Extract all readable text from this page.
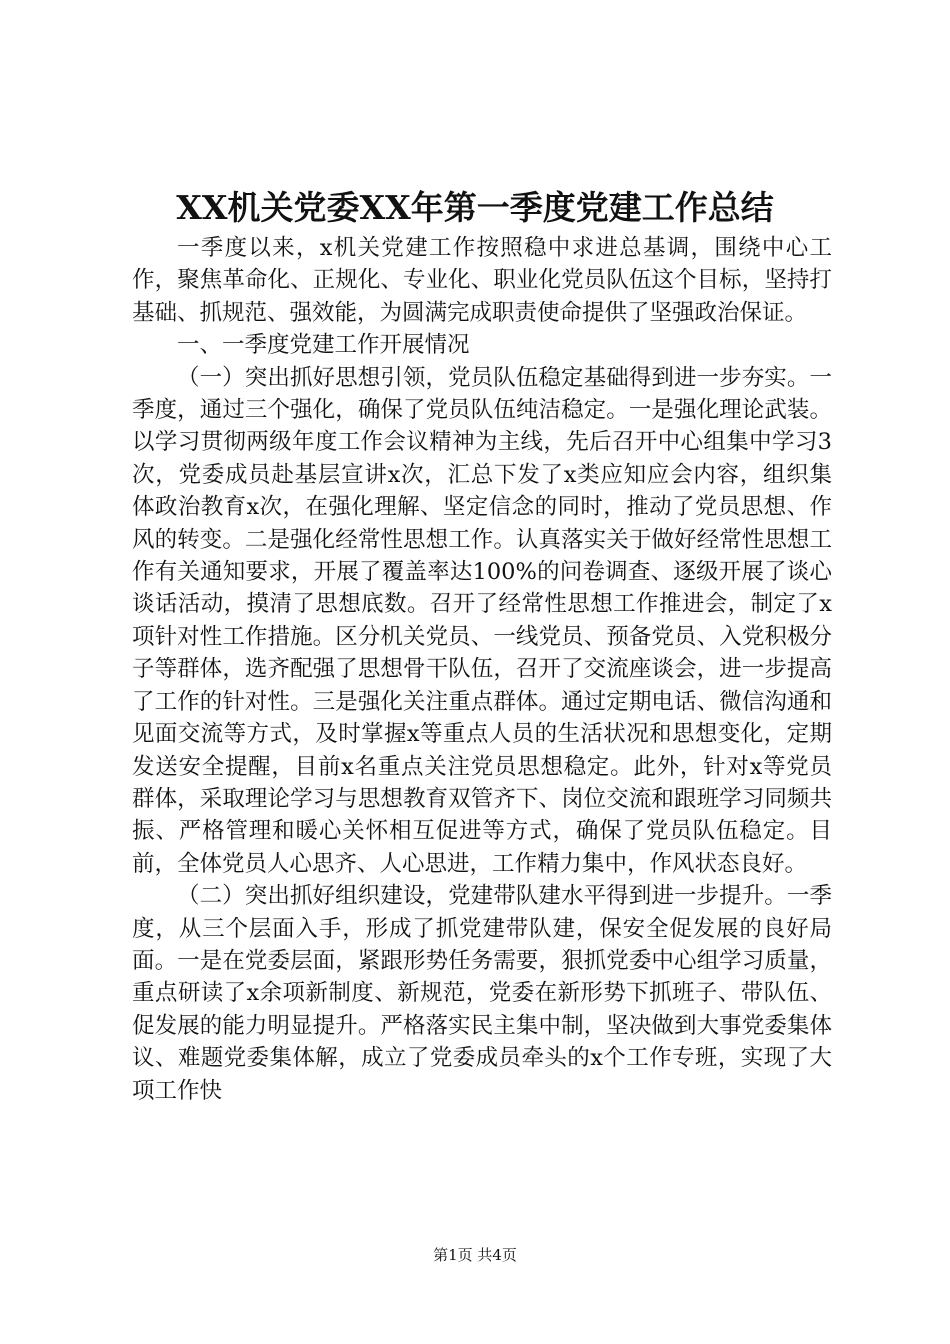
XX机关党委XX年第一季度党建工作总结

一季度以来，x机关党建工作按照稳中求进总基调，围绕中心工作，聚焦革命化、正规化、专业化、职业化党员队伍这个目标，坚持打基础、抓规范、强效能，为圆满完成职责使命提供了坚强政治保证。

一、一季度党建工作开展情况

（一）突出抓好思想引领，党员队伍稳定基础得到进一步夯实。一季度，通过三个强化，确保了党员队伍纯洁稳定。一是强化理论武装。以学习贯彻两级年度工作会议精神为主线，先后召开中心组集中学习3次，党委成员赴基层宣讲x次，汇总下发了x类应知应会内容，组织集体政治教育x次，在强化理解、坚定信念的同时，推动了党员思想、作风的转变。二是强化经常性思想工作。认真落实关于做好经常性思想工作有关通知要求，开展了覆盖率达100%的问卷调查、逐级开展了谈心谈话活动，摸清了思想底数。召开了经常性思想工作推进会，制定了x项针对性工作措施。区分机关党员、一线党员、预备党员、入党积极分子等群体，选齐配强了思想骨干队伍，召开了交流座谈会，进一步提高了工作的针对性。三是强化关注重点群体。通过定期电话、微信沟通和见面交流等方式，及时掌握x等重点人员的生活状况和思想变化，定期发送安全提醒，目前x名重点关注党员思想稳定。此外，针对x等党员群体，采取理论学习与思想教育双管齐下、岗位交流和跟班学习同频共振、严格管理和暖心关怀相互促进等方式，确保了党员队伍稳定。目前，全体党员人心思齐、人心思进，工作精力集中，作风状态良好。

（二）突出抓好组织建设，党建带队建水平得到进一步提升。一季度，从三个层面入手，形成了抓党建带队建，保安全促发展的良好局面。一是在党委层面，紧跟形势任务需要，狠抓党委中心组学习质量，重点研读了x余项新制度、新规范，党委在新形势下抓班子、带队伍、促发展的能力明显提升。严格落实民主集中制，坚决做到大事党委集体议、难题党委集体解，成立了党委成员牵头的x个工作专班，实现了大项工作快

第1页 共4页
